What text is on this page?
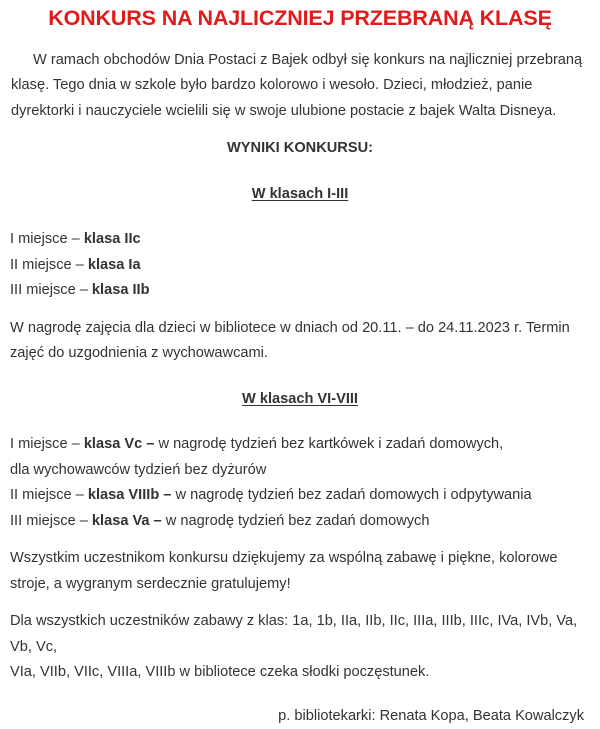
KONKURS NA NAJLICZNIEJ PRZEBRANĄ KLASĘ

W ramach obchodów Dnia Postaci z Bajek odbył się konkurs na najliczniej przebraną klasę. Tego dnia w szkole było bardzo kolorowo i wesoło. Dzieci, młodzież, panie dyrektorki i nauczyciele wcielili się w swoje ulubione postacie z bajek Walta Disneya.

WYNIKI KONKURSU:
W klasach I-III
I miejsce – klasa IIc
II miejsce – klasa Ia
III miejsce – klasa IIb

W nagrodę zajęcia dla dzieci w bibliotece w dniach od 20.11. – do 24.11.2023 r. Termin zajęć do uzgodnienia z wychowawcami.

W klasach VI-VIII
I miejsce – klasa Vc – w nagrodę tydzień bez kartkówek i zadań domowych,
dla wychowawców tydzień bez dyżurów
II miejsce – klasa VIIIb – w nagrodę tydzień bez zadań domowych i odpytywania
III miejsce – klasa Va – w nagrodę tydzień bez zadań domowych

Wszystkim uczestnikom konkursu dziękujemy za wspólną zabawę i piękne, kolorowe stroje, a wygranym serdecznie gratulujemy!

Dla wszystkich uczestników zabawy z klas: 1a, 1b, IIa, IIb, IIc, IIIa, IIIb, IIIc, IVa, IVb, Va, Vb, Vc,
VIa, VIIb, VIIc, VIIIa, VIIIb w bibliotece czeka słodki poczęstunek.

p. bibliotekarki: Renata Kopa, Beata Kowalczyk
